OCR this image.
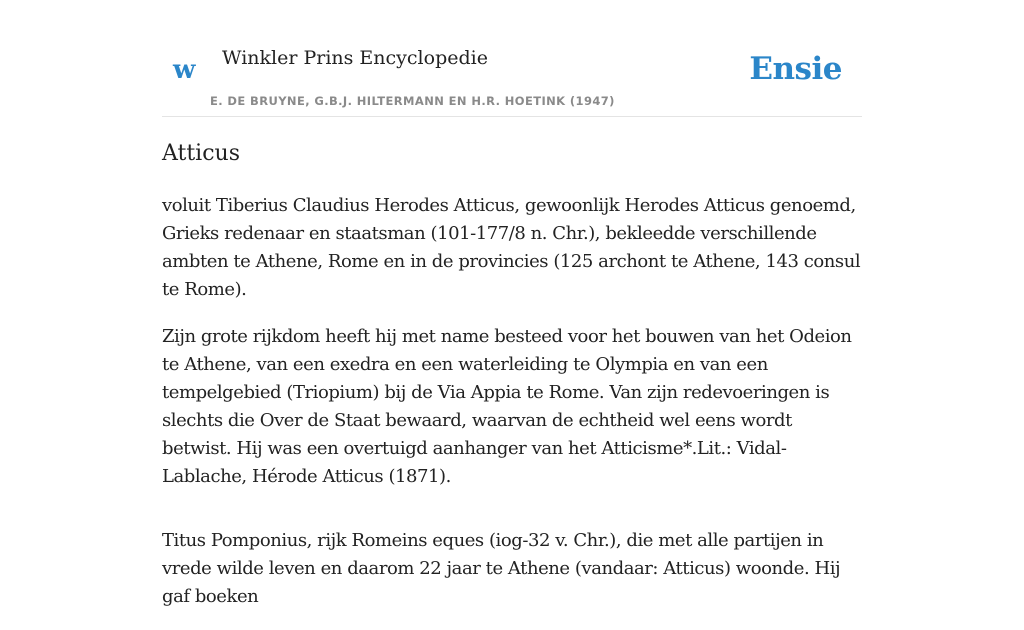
w Winkler Prins Encyclopedie
E. DE BRUYNE, G.B.J. HILTERMANN EN H.R. HOETINK (1947)
Ensie
Atticus

voluit Tiberius Claudius Herodes Atticus, gewoonlijk Herodes Atticus genoemd, Grieks redenaar en staatsman (101-177/8 n. Chr.), bekleedde verschillende ambten te Athene, Rome en in de provincies (125 archont te Athene, 143 consul te Rome).

Zijn grote rijkdom heeft hij met name besteed voor het bouwen van het Odeion te Athene, van een exedra en een waterleiding te Olympia en van een tempelgebied (Triopium) bij de Via Appia te Rome. Van zijn redevoeringen is slechts die Over de Staat bewaard, waarvan de echtheid wel eens wordt betwist. Hij was een overtuigd aanhanger van het Atticisme*.Lit.: Vidal-Lablache, Hérode Atticus (1871).

Titus Pomponius, rijk Romeins eques (iog-32 v. Chr.), die met alle partijen in vrede wilde leven en daarom 22 jaar te Athene (vandaar: Atticus) woonde. Hij gaf boeken
